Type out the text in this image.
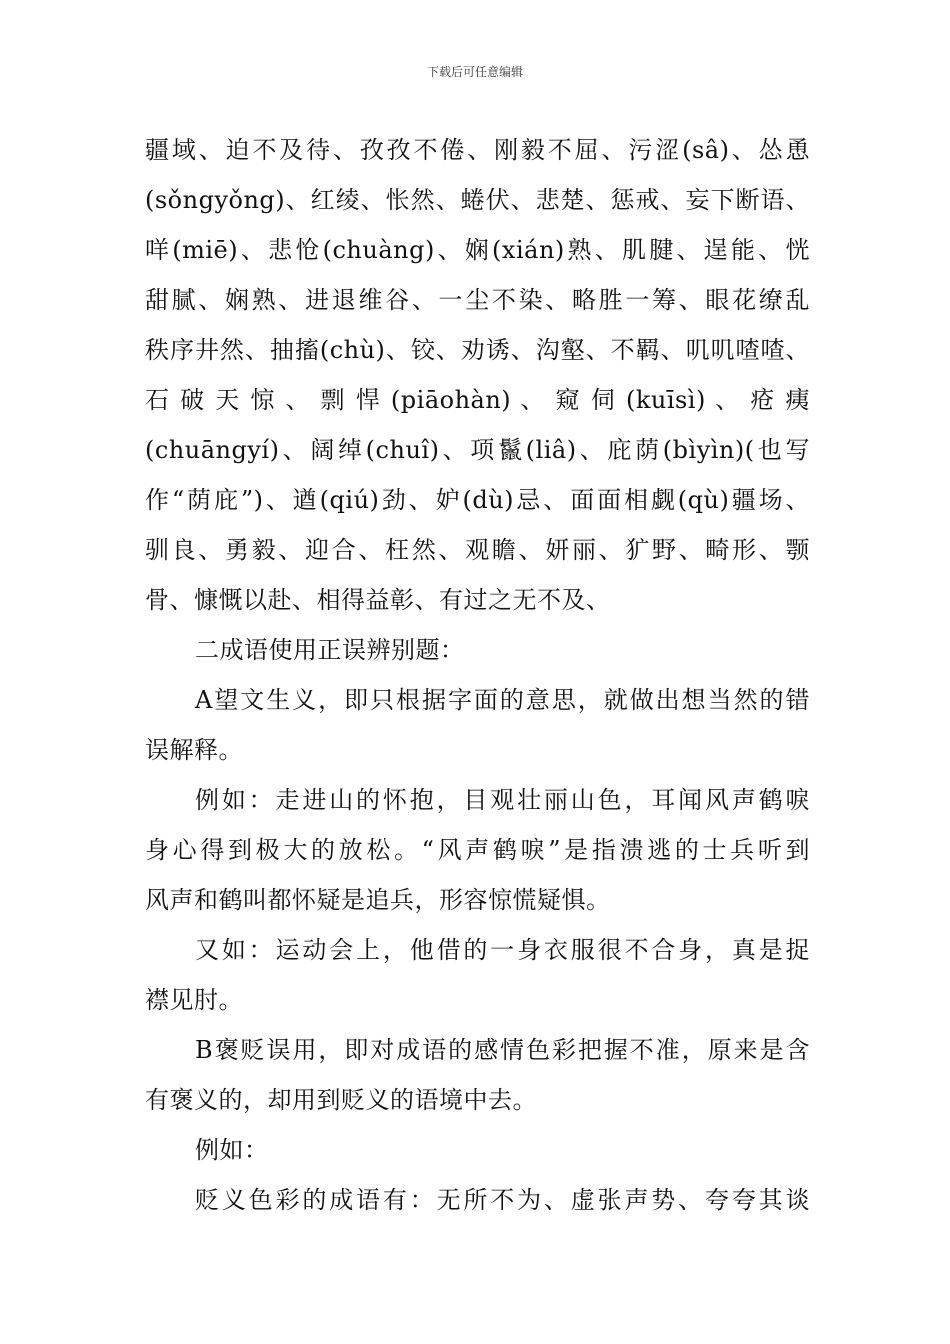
下载后可任意编辑
疆域、迫不及待、孜孜不倦、刚毅不屈、污涩(sâ)、怂恿
(sǒngyǒng)、红绫、怅然、蜷伏、悲楚、惩戒、妄下断语、
咩(miē)、悲怆(chuàng)、娴(xián)熟、肌腱、逞能、恍
甜腻、娴熟、进退维谷、一尘不染、略胜一筹、眼花缭乱
秩序井然、抽搐(chù)、铰、劝诱、沟壑、不羁、叽叽喳喳、
石 破 天 惊 、 剽 悍 (piāohàn) 、 窥 伺 (kuīsì) 、 疮 痍
(chuāngyí)、阔绰(chuî)、项鬣(liâ)、庇荫(bìyìn)(也写
作“荫庇”)、遒(qiú)劲、妒(dù)忌、面面相觑(qù)疆场、
驯良、勇毅、迎合、枉然、观瞻、妍丽、犷野、畸形、颚
骨、慷慨以赴、相得益彰、有过之无不及、
二成语使用正误辨别题：
A望文生义，即只根据字面的意思，就做出想当然的错
误解释。
例如：走进山的怀抱，目观壮丽山色，耳闻风声鹤唳
身心得到极大的放松。“风声鹤唳”是指溃逃的士兵听到
风声和鹤叫都怀疑是追兵，形容惊慌疑惧。
又如：运动会上，他借的一身衣服很不合身，真是捉
襟见肘。
B褒贬误用，即对成语的感情色彩把握不准，原来是含
有褒义的，却用到贬义的语境中去。
例如：
贬义色彩的成语有：无所不为、虚张声势、夸夸其谈
